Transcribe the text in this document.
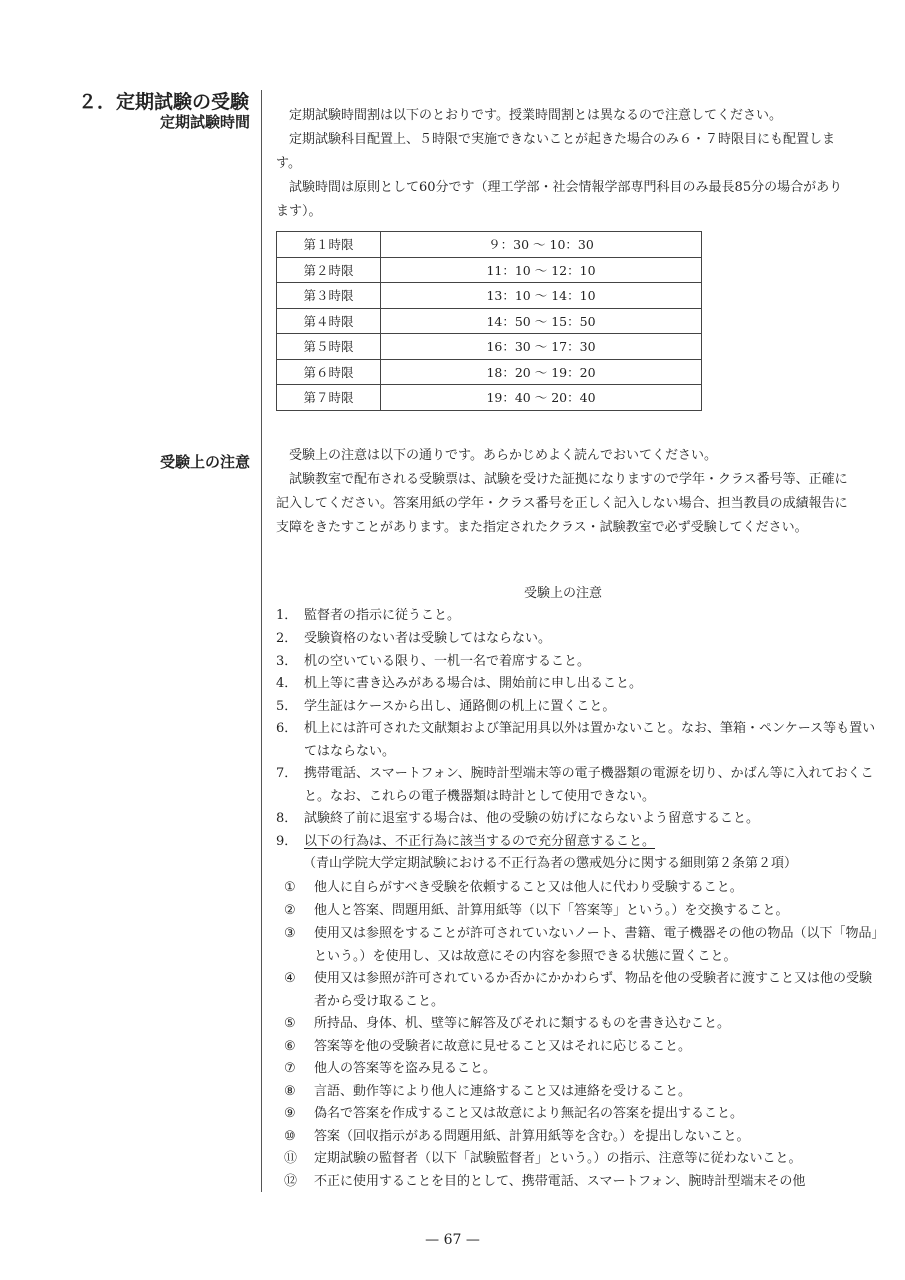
２．定期試験の受験
定期試験時間
受験上の注意

定期試験時間割は以下のとおりです。授業時間割とは異なるので注意してください。

定期試験科目配置上、５時限で実施できないことが起きた場合のみ６・７時限目にも配置します。

試験時間は原則として60分です（理工学部・社会情報学部専門科目のみ最長85分の場合があります）。

第１時限	９：30 〜 10：30
第２時限	11：10 〜 12：10
第３時限	13：10 〜 14：10
第４時限	14：50 〜 15：50
第５時限	16：30 〜 17：30
第６時限	18：20 〜 19：20
第７時限	19：40 〜 20：40

受験上の注意は以下の通りです。あらかじめよく読んでおいてください。

試験教室で配布される受験票は、試験を受けた証拠になりますので学年・クラス番号等、正確に記入してください。答案用紙の学年・クラス番号を正しく記入しない場合、担当教員の成績報告に支障をきたすことがあります。また指定されたクラス・試験教室で必ず受験してください。

受験上の注意

1． 監督者の指示に従うこと。

2． 受験資格のない者は受験してはならない。

3． 机の空いている限り、一机一名で着席すること。

4． 机上等に書き込みがある場合は、開始前に申し出ること。

5． 学生証はケースから出し、通路側の机上に置くこと。

6． 机上には許可された文献類および筆記用具以外は置かないこと。なお、筆箱・ペンケース等も置いてはならない。

7． 携帯電話、スマートフォン、腕時計型端末等の電子機器類の電源を切り、かばん等に入れておくこと。なお、これらの電子機器類は時計として使用できない。

8． 試験終了前に退室する場合は、他の受験の妨げにならないよう留意すること。

9． 以下の行為は、不正行為に該当するので充分留意すること。

（青山学院大学定期試験における不正行為者の懲戒処分に関する細則第２条第２項）

① 他人に自らがすべき受験を依頼すること又は他人に代わり受験すること。

② 他人と答案、問題用紙、計算用紙等（以下「答案等」という。）を交換すること。

③ 使用又は参照をすることが許可されていないノート、書籍、電子機器その他の物品（以下「物品」という。）を使用し、又は故意にその内容を参照できる状態に置くこと。

④ 使用又は参照が許可されているか否かにかかわらず、物品を他の受験者に渡すこと又は他の受験者から受け取ること。

⑤ 所持品、身体、机、壁等に解答及びそれに類するものを書き込むこと。

⑥ 答案等を他の受験者に故意に見せること又はそれに応じること。

⑦ 他人の答案等を盗み見ること。

⑧ 言語、動作等により他人に連絡すること又は連絡を受けること。

⑨ 偽名で答案を作成すること又は故意により無記名の答案を提出すること。

⑩ 答案（回収指示がある問題用紙、計算用紙等を含む。）を提出しないこと。

⑪ 定期試験の監督者（以下「試験監督者」という。）の指示、注意等に従わないこと。

⑫ 不正に使用することを目的として、携帯電話、スマートフォン、腕時計型端末その他

— 67 —
